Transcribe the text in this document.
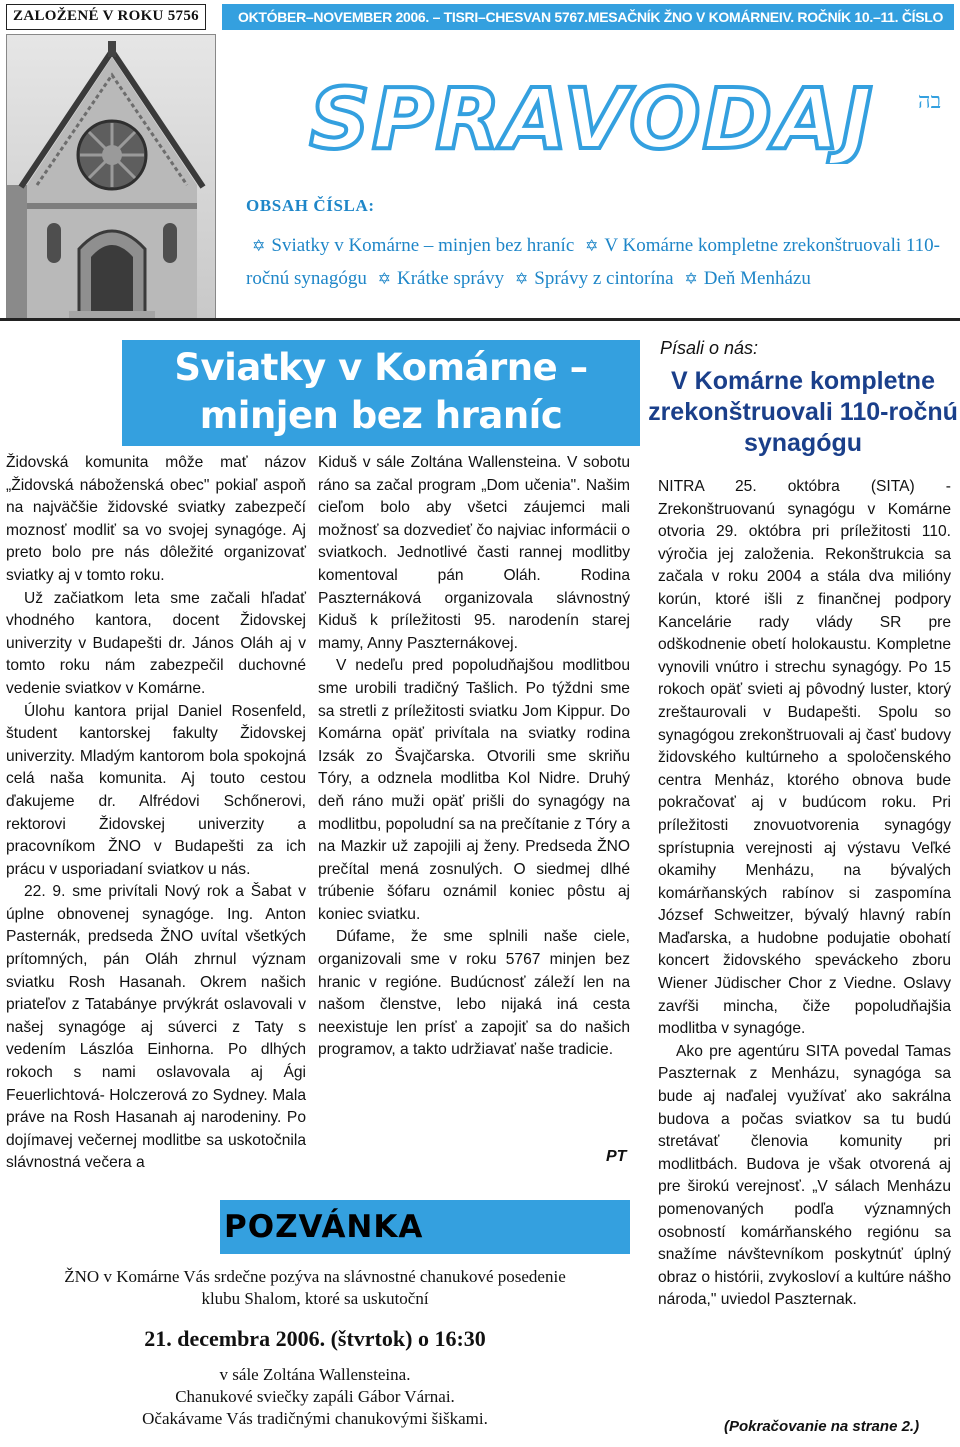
ZALOŽENÉ V ROKU 5756	OKTÓBER–NOVEMBER 2006. – TISRI–CHESVAN 5767. MESAČNÍK ŽNO V KOMÁRNE IV. ROČNÍK 10.–11. ČÍSLO
SPRAVODAJ בה
OBSAH ČÍSLA:
✡ Sviatky v Komárne – minjen bez hraníc ✡ V Komárne kompletne zrekonštruovali 110-ročnú synagógu ✡ Krátke správy ✡ Správy z cintorína ✡ Deň Menházu
Sviatky v Komárne –
minjen bez hraníc

Židovská komunita môže mať názov „Židovská náboženská obec" pokiaľ aspoň na najväčšie židovské sviatky zabezpečí moznosť modliť sa vo svojej synagóge. Aj preto bolo pre nás dôležité organizovať sviatky aj v tomto roku.

Už začiatkom leta sme začali hľadať vhodného kantora, docent Židovskej univerzity v Budapešti dr. János Oláh aj v tomto roku nám zabezpečil duchovné vedenie sviatkov v Komárne.

Úlohu kantora prijal Daniel Rosenfeld, študent kantorskej fakulty Židovskej univerzity. Mladým kantorom bola spokojná celá naša komunita. Aj touto cestou ďakujeme dr. Alfrédovi Schőnerovi, rektorovi Židovskej univerzity a pracovníkom ŽNO v Budapešti za ich prácu v usporiadaní sviatkov u nás.

22. 9. sme privítali Nový rok a Šabat v úplne obnovenej synagóge. Ing. Anton Pasternák, predseda ŽNO uvítal všetkých prítomných, pán Oláh zhrnul význam sviatku Rosh Hasanah. Okrem našich priateľov z Tatabánye prvýkrát oslavovali v našej synagóge aj súverci z Taty s vedením Lászlóa Einhorna. Po dlhých rokoch s nami oslavovala aj Ági Feuerlichtová- Holczerová zo Sydney. Mala práve na Rosh Hasanah aj narodeniny. Po dojímavej večernej modlitbe sa uskotočnila slávnostná večera a

Kiduš v sále Zoltána Wallensteina. V sobotu ráno sa začal program „Dom učenia". Našim cieľom bolo aby všetci záujemci mali možnosť sa dozvedieť čo najviac informácii o sviatkoch. Jednotlivé časti rannej modlitby komentoval pán Oláh. Rodina Paszternáková organizovala slávnostný Kiduš k príležitosti 95. narodenín starej mamy, Anny Paszternákovej.

V nedeľu pred popoludňajšou modlitbou sme urobili tradičný Tašlich. Po týždni sme sa stretli z príležitosti sviatku Jom Kippur. Do Komárna opäť privítala na sviatky rodina Izsák zo Švajčarska. Otvorili sme skriňu Tóry, a odznela modlitba Kol Nidre. Druhý deň ráno muži opäť prišli do synagógy na modlitbu, popoludní sa na prečítanie z Tóry a na Mazkir už zapojili aj ženy. Predseda ŽNO prečítal mená zosnulých. O siedmej dlhé trúbenie šófaru oznámil koniec pôstu aj koniec sviatku.

Dúfame, že sme splnili naše ciele, organizovali sme v roku 5767 minjen bez hranic v regióne. Budúcnosť záleží len na našom členstve, lebo nijaká iná cesta neexistuje len prísť a zapojiť sa do našich programov, a takto udržiavať naše tradicie.

PT
Písali o nás:
V Komárne kompletne zrekonštruovali 110-ročnú synagógu

NITRA 25. októbra (SITA) - Zrekonštruovanú synagógu v Komárne otvoria 29. októbra pri príležitosti 110. výročia jej založenia. Rekonštrukcia sa začala v roku 2004 a stála dva milióny korún, ktoré išli z finančnej podpory Kancelárie rady vlády SR pre odškodnenie obetí holokaustu. Kompletne vynovili vnútro i strechu synagógy. Po 15 rokoch opäť svieti aj pôvodný luster, ktorý zreštaurovali v Budapešti. Spolu so synagógou zrekonštruovali aj časť budovy židovského kultúrneho a spoločenského centra Menház, ktorého obnova bude pokračovať aj v budúcom roku. Pri príležitosti znovuotvorenia synagógy sprístupnia verejnosti aj výstavu Veľké okamihy Menházu, na bývalých komárňanských rabínov si zaspomína József Schweitzer, bývalý hlavný rabín Maďarska, a hudobne podujatie obohatí koncert židovského speváckeho zboru Wiener Jüdischer Chor z Viedne. Oslavy zavŕši mincha, čiže popoludňajšia modlitba v synagóge.

Ako pre agentúru SITA povedal Tamas Paszternak z Menházu, synagóga sa bude aj naďalej využívať ako sakrálna budova a počas sviatkov sa tu budú stretávať členovia komunity pri modlitbách. Budova je však otvorená aj pre širokú verejnosť. „V sálach Menházu pomenovaných podľa významných osobností komárňanského regiónu sa snažíme návštevníkom poskytnúť úplný obraz o histórii, zvykosloví a kultúre nášho národa," uviedol Paszternak.

(Pokračovanie na strane 2.)
POZVÁNKA
ŽNO v Komárne Vás srdečne pozýva na slávnostné chanukové posedenie
klubu Shalom, ktoré sa uskutoční
21. decembra 2006. (štvrtok) o 16:30
v sále Zoltána Wallensteina.
Chanukové sviečky zapáli Gábor Várnai.
Očakávame Vás tradičnými chanukovými šiškami.
